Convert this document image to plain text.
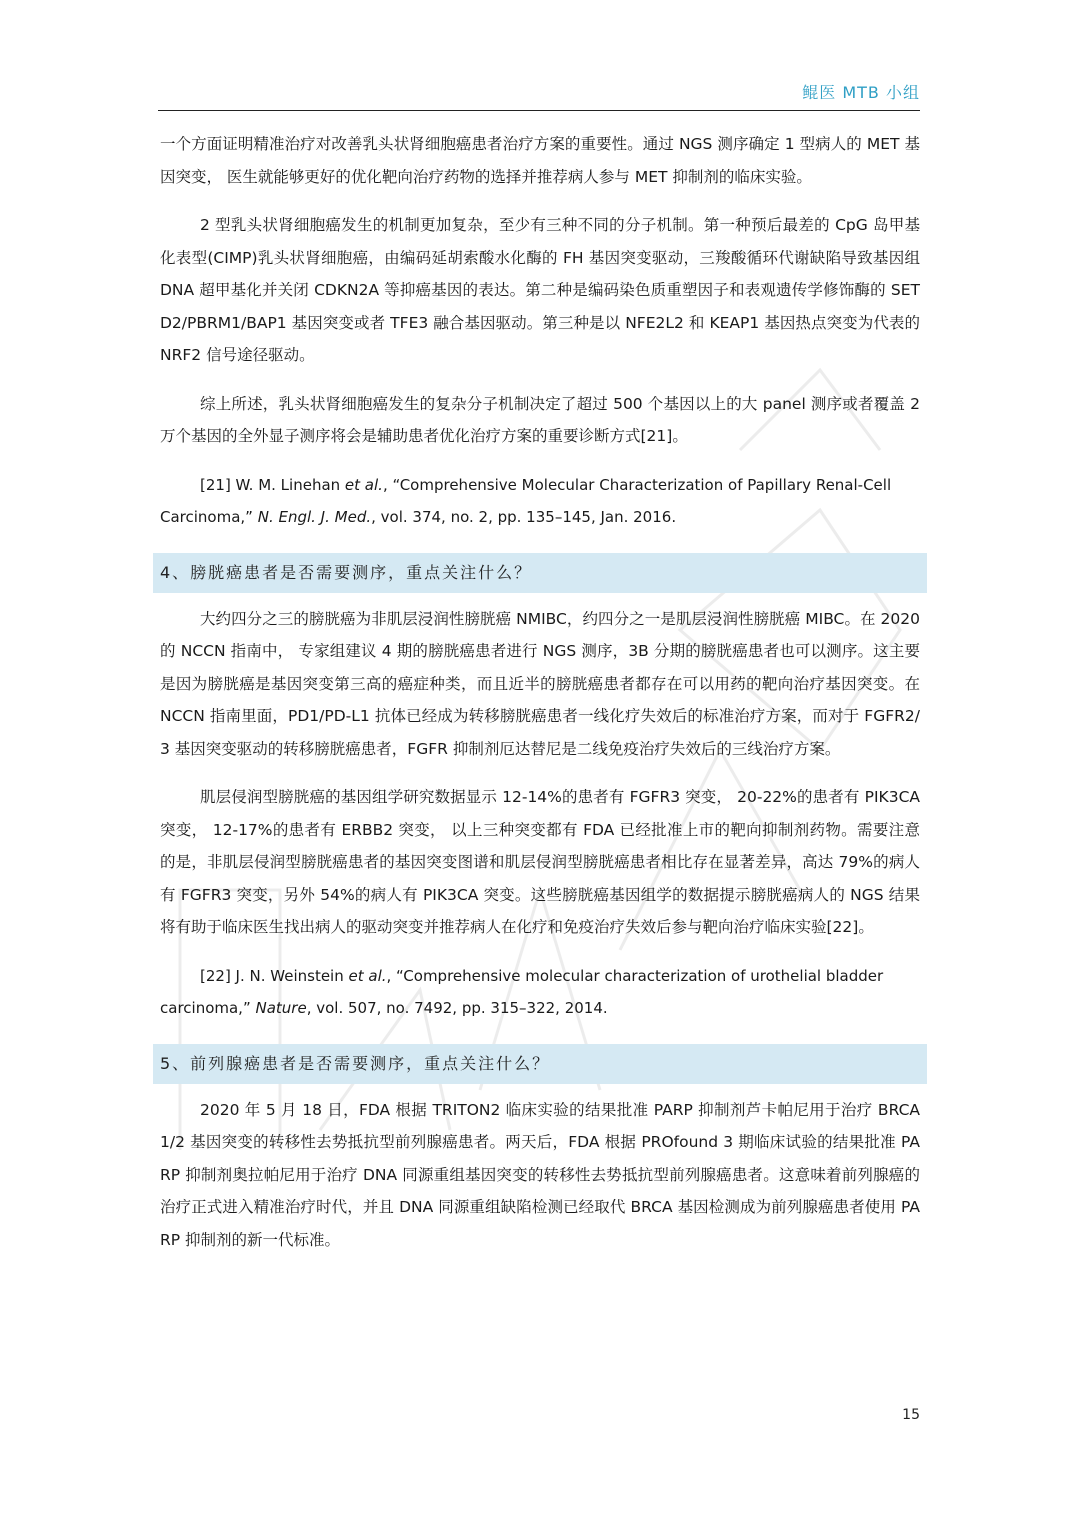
鲲医 MTB 小组

一个方面证明精准治疗对改善乳头状肾细胞癌患者治疗方案的重要性。通过 NGS 测序确定 1 型病人的 MET 基因突变， 医生就能够更好的优化靶向治疗药物的选择并推荐病人参与 MET 抑制剂的临床实验。

2 型乳头状肾细胞癌发生的机制更加复杂，至少有三种不同的分子机制。第一种预后最差的 CpG 岛甲基化表型(CIMP)乳头状肾细胞癌，由编码延胡索酸水化酶的 FH 基因突变驱动，三羧酸循环代谢缺陷导致基因组 DNA 超甲基化并关闭 CDKN2A 等抑癌基因的表达。第二种是编码染色质重塑因子和表观遗传学修饰酶的 SETD2/PBRM1/BAP1 基因突变或者 TFE3 融合基因驱动。第三种是以 NFE2L2 和 KEAP1 基因热点突变为代表的 NRF2 信号途径驱动。

综上所述，乳头状肾细胞癌发生的复杂分子机制决定了超过 500 个基因以上的大 panel 测序或者覆盖 2 万个基因的全外显子测序将会是辅助患者优化治疗方案的重要诊断方式[21]。

[21] W. M. Linehan et al., “Comprehensive Molecular Characterization of Papillary Renal-Cell Carcinoma,” N. Engl. J. Med., vol. 374, no. 2, pp. 135–145, Jan. 2016.

4、膀胱癌患者是否需要测序，重点关注什么？

大约四分之三的膀胱癌为非肌层浸润性膀胱癌 NMIBC，约四分之一是肌层浸润性膀胱癌 MIBC。在 2020 的 NCCN 指南中， 专家组建议 4 期的膀胱癌患者进行 NGS 测序，3B 分期的膀胱癌患者也可以测序。这主要是因为膀胱癌是基因突变第三高的癌症种类，而且近半的膀胱癌患者都存在可以用药的靶向治疗基因突变。在 NCCN 指南里面，PD1/PD-L1 抗体已经成为转移膀胱癌患者一线化疗失效后的标准治疗方案，而对于 FGFR2/3 基因突变驱动的转移膀胱癌患者，FGFR 抑制剂厄达替尼是二线免疫治疗失效后的三线治疗方案。

肌层侵润型膀胱癌的基因组学研究数据显示 12-14%的患者有 FGFR3 突变， 20-22%的患者有 PIK3CA 突变， 12-17%的患者有 ERBB2 突变， 以上三种突变都有 FDA 已经批准上市的靶向抑制剂药物。需要注意的是，非肌层侵润型膀胱癌患者的基因突变图谱和肌层侵润型膀胱癌患者相比存在显著差异，高达 79%的病人有 FGFR3 突变，另外 54%的病人有 PIK3CA 突变。这些膀胱癌基因组学的数据提示膀胱癌病人的 NGS 结果将有助于临床医生找出病人的驱动突变并推荐病人在化疗和免疫治疗失效后参与靶向治疗临床实验[22]。

[22] J. N. Weinstein et al., “Comprehensive molecular characterization of urothelial bladder carcinoma,” Nature, vol. 507, no. 7492, pp. 315–322, 2014.

5、前列腺癌患者是否需要测序，重点关注什么？

2020 年 5 月 18 日，FDA 根据 TRITON2 临床实验的结果批准 PARP 抑制剂芦卡帕尼用于治疗 BRCA1/2 基因突变的转移性去势抵抗型前列腺癌患者。两天后，FDA 根据 PROfound 3 期临床试验的结果批准 PARP 抑制剂奥拉帕尼用于治疗 DNA 同源重组基因突变的转移性去势抵抗型前列腺癌患者。这意味着前列腺癌的治疗正式进入精准治疗时代，并且 DNA 同源重组缺陷检测已经取代 BRCA 基因检测成为前列腺癌患者使用 PARP 抑制剂的新一代标准。

15
